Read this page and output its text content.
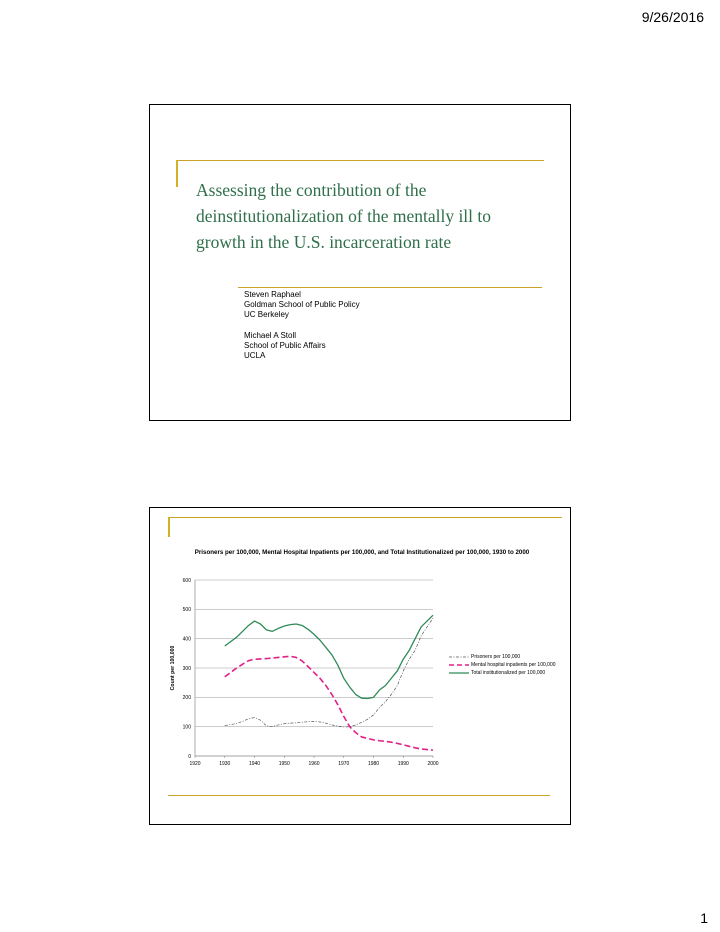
9/26/2016
Assessing the contribution of the deinstitutionalization of the mentally ill to growth in the U.S. incarceration rate
Steven Raphael
Goldman School of Public Policy
UC Berkeley
Michael A Stoll
School of Public Affairs
UCLA
Prisoners per 100,000, Mental Hospital Inpatients per 100,000, and Total Institutionalized per 100,000, 1930 to 2000
0
100
200
300
400
500
600
1920	1930	1940	1950	1960	1970	1980	1990	2000
Count per 100,000	Prisoners per 100,000
Mental hospital inpatients per 100,000
Total institutionalized per 100,000
1
